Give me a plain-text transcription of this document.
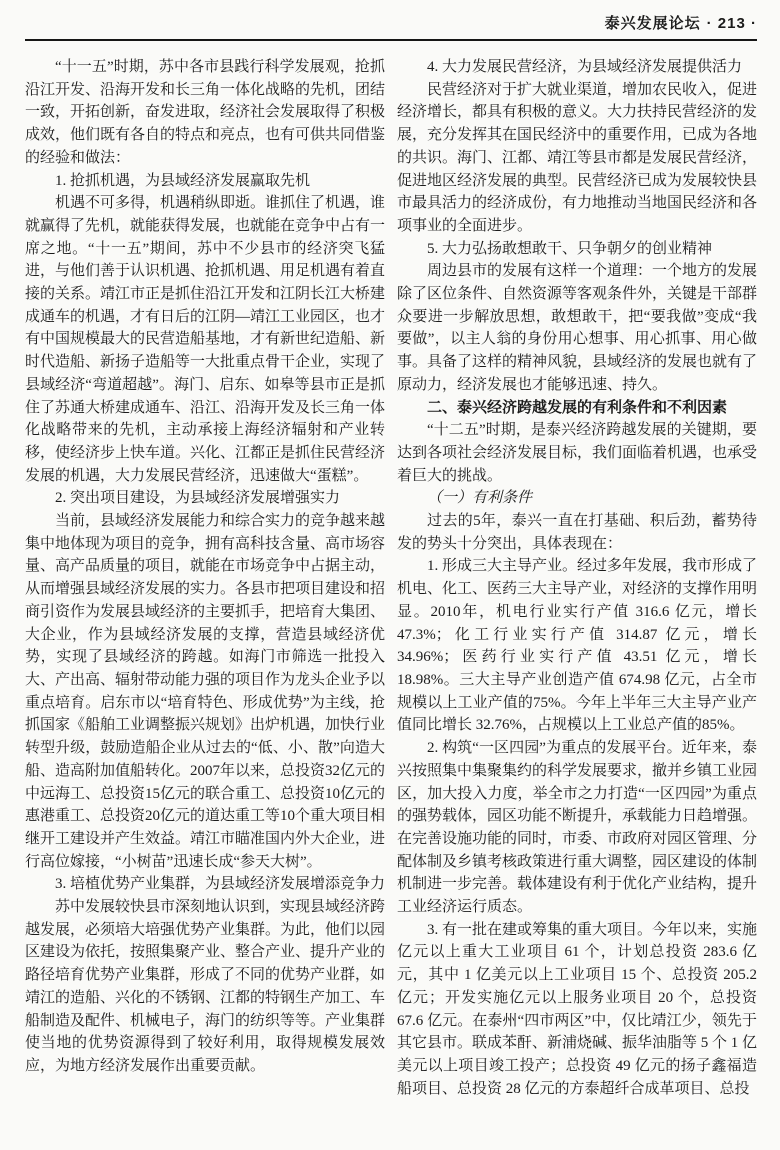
泰兴发展论坛 · 213 ·

“十一五”时期，苏中各市县践行科学发展观，抢抓沿江开发、沿海开发和长三角一体化战略的先机，团结一致，开拓创新，奋发进取，经济社会发展取得了积极成效，他们既有各自的特点和亮点，也有可供共同借鉴的经验和做法：

1. 抢抓机遇，为县域经济发展赢取先机

机遇不可多得，机遇稍纵即逝。谁抓住了机遇，谁就赢得了先机，就能获得发展，也就能在竞争中占有一席之地。“十一五”期间，苏中不少县市的经济突飞猛进，与他们善于认识机遇、抢抓机遇、用足机遇有着直接的关系。靖江市正是抓住沿江开发和江阴长江大桥建成通车的机遇，才有日后的江阴—靖江工业园区，也才有中国规模最大的民营造船基地，才有新世纪造船、新时代造船、新扬子造船等一大批重点骨干企业，实现了县域经济“弯道超越”。海门、启东、如皋等县市正是抓住了苏通大桥建成通车、沿江、沿海开发及长三角一体化战略带来的先机，主动承接上海经济辐射和产业转移，使经济步上快车道。兴化、江都正是抓住民营经济发展的机遇，大力发展民营经济，迅速做大“蛋糕”。

2. 突出项目建设，为县域经济发展增强实力

当前，县域经济发展能力和综合实力的竞争越来越集中地体现为项目的竞争，拥有高科技含量、高市场容量、高产品质量的项目，就能在市场竞争中占据主动，从而增强县域经济发展的实力。各县市把项目建设和招商引资作为发展县域经济的主要抓手，把培育大集团、大企业，作为县域经济发展的支撑，营造县域经济优势，实现了县域经济的跨越。如海门市筛选一批投入大、产出高、辐射带动能力强的项目作为龙头企业予以重点培育。启东市以“培育特色、形成优势”为主线，抢抓国家《船舶工业调整振兴规划》出炉机遇，加快行业转型升级，鼓励造船企业从过去的“低、小、散”向造大船、造高附加值船转化。2007年以来，总投资32亿元的中远海工、总投资15亿元的联合重工、总投资10亿元的惠港重工、总投资20亿元的道达重工等10个重大项目相继开工建设并产生效益。靖江市瞄准国内外大企业，进行高位嫁接，“小树苗”迅速长成“参天大树”。

3. 培植优势产业集群，为县域经济发展增添竞争力

苏中发展较快县市深刻地认识到，实现县域经济跨越发展，必须培大培强优势产业集群。为此，他们以园区建设为依托，按照集聚产业、整合产业、提升产业的路径培育优势产业集群，形成了不同的优势产业群，如靖江的造船、兴化的不锈钢、江都的特钢生产加工、车船制造及配件、机械电子，海门的纺织等等。产业集群使当地的优势资源得到了较好利用，取得规模发展效应，为地方经济发展作出重要贡献。

4. 大力发展民营经济，为县域经济发展提供活力

民营经济对于扩大就业渠道，增加农民收入，促进经济增长，都具有积极的意义。大力扶持民营经济的发展，充分发挥其在国民经济中的重要作用，已成为各地的共识。海门、江都、靖江等县市都是发展民营经济，促进地区经济发展的典型。民营经济已成为发展较快县市最具活力的经济成份，有力地推动当地国民经济和各项事业的全面进步。

5. 大力弘扬敢想敢干、只争朝夕的创业精神

周边县市的发展有这样一个道理：一个地方的发展除了区位条件、自然资源等客观条件外，关键是干部群众要进一步解放思想，敢想敢干，把“要我做”变成“我要做”，以主人翁的身份用心想事、用心抓事、用心做事。具备了这样的精神风貌，县域经济的发展也就有了原动力，经济发展也才能够迅速、持久。

二、泰兴经济跨越发展的有利条件和不利因素

“十二五”时期，是泰兴经济跨越发展的关键期，要达到各项社会经济发展目标，我们面临着机遇，也承受着巨大的挑战。

（一）有利条件

过去的5年，泰兴一直在打基础、积后劲，蓄势待发的势头十分突出，具体表现在：

1. 形成三大主导产业。经过多年发展，我市形成了机电、化工、医药三大主导产业，对经济的支撑作用明显。2010年，机电行业实行产值 316.6 亿元，增长 47.3%；化工行业实行产值 314.87 亿元，增长 34.96%；医药行业实行产值 43.51 亿元，增长 18.98%。三大主导产业创造产值 674.98 亿元，占全市规模以上工业产值的75%。今年上半年三大主导产业产值同比增长 32.76%，占规模以上工业总产值的85%。

2. 构筑“一区四园”为重点的发展平台。近年来，泰兴按照集中集聚集约的科学发展要求，撤并乡镇工业园区，加大投入力度，举全市之力打造“一区四园”为重点的强势载体，园区功能不断提升，承载能力日趋增强。在完善设施功能的同时，市委、市政府对园区管理、分配体制及乡镇考核政策进行重大调整，园区建设的体制机制进一步完善。载体建设有利于优化产业结构，提升工业经济运行质态。

3. 有一批在建或筹集的重大项目。今年以来，实施亿元以上重大工业项目 61 个，计划总投资 283.6 亿元，其中 1 亿美元以上工业项目 15 个、总投资 205.2 亿元；开发实施亿元以上服务业项目 20 个，总投资 67.6 亿元。在泰州“四市两区”中，仅比靖江少，领先于其它县市。联成苯酐、新浦烧碱、振华油脂等 5 个 1 亿美元以上项目竣工投产；总投资 49 亿元的扬子鑫福造船项目、总投资 28 亿元的方泰超纤合成革项目、总投
